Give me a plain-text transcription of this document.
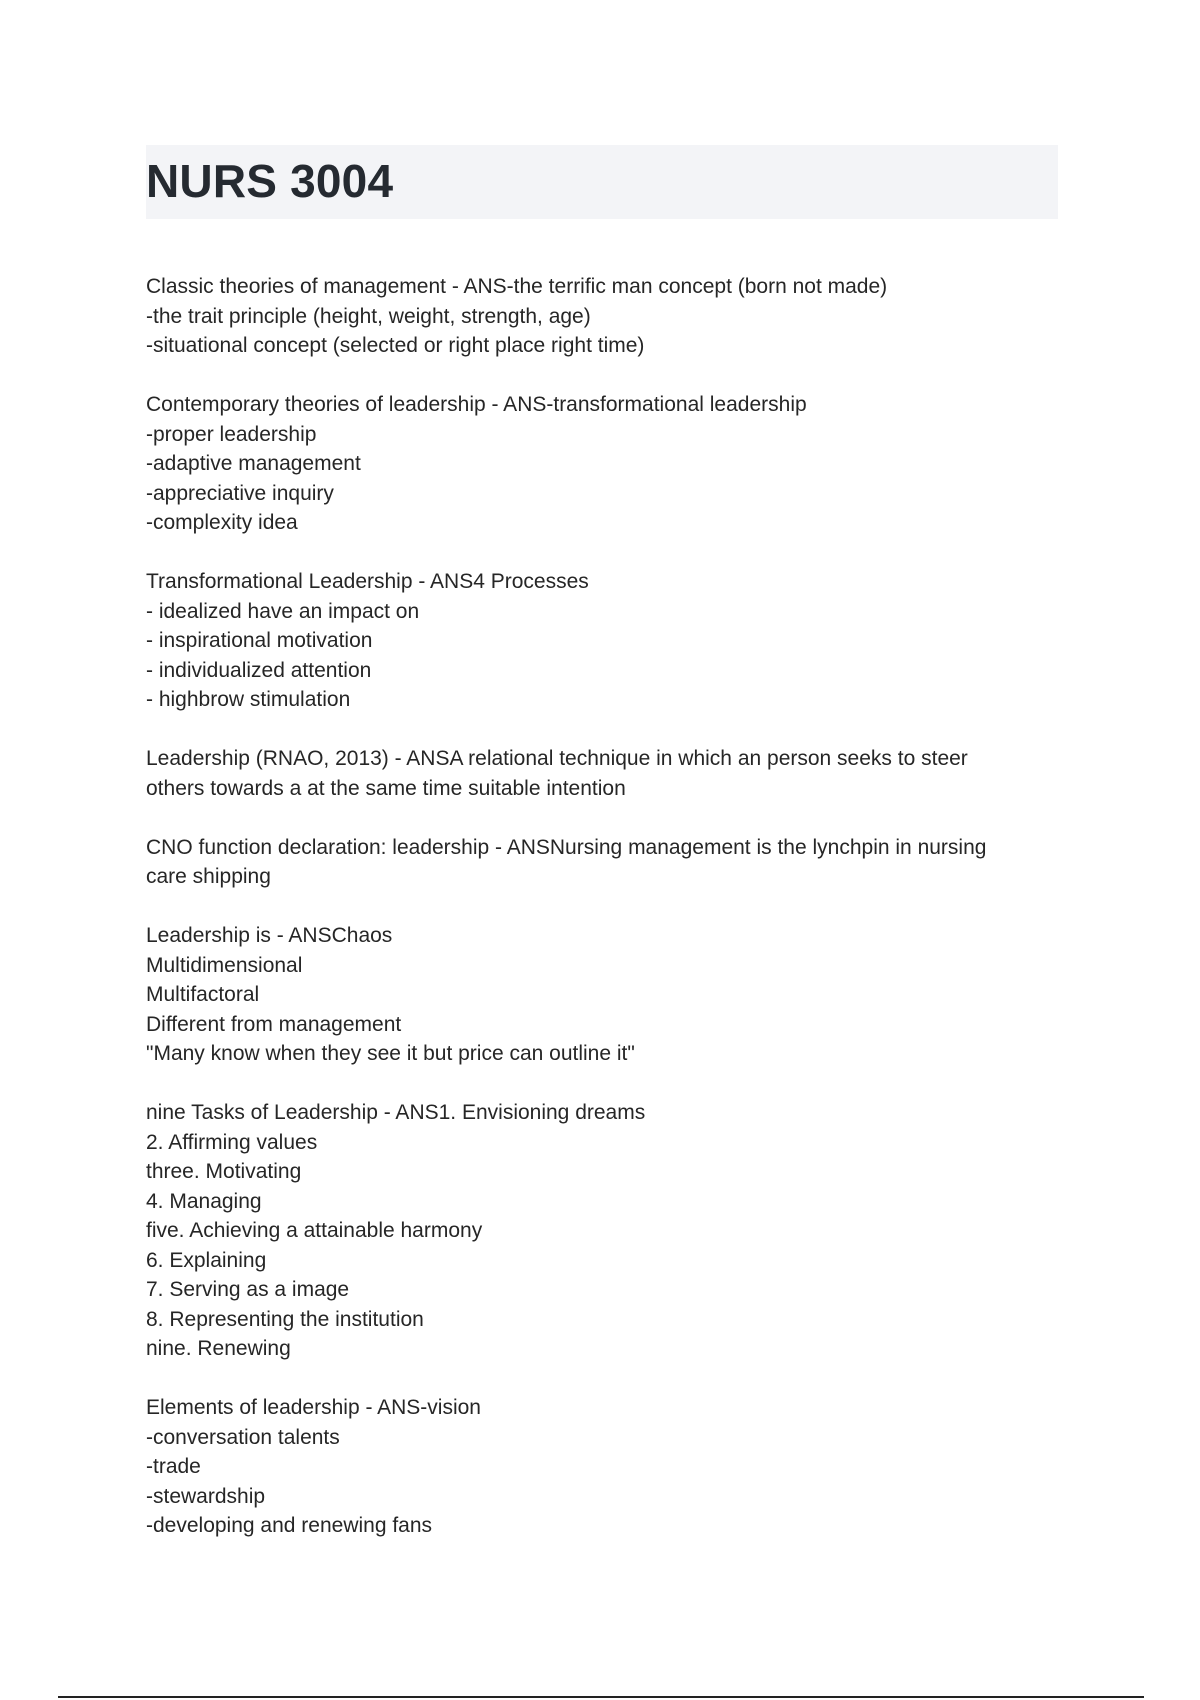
NURS 3004
Classic theories of management - ANS-the terrific man concept (born not made)
-the trait principle (height, weight, strength, age)
-situational concept (selected or right place right time)
Contemporary theories of leadership - ANS-transformational leadership
-proper leadership
-adaptive management
-appreciative inquiry
-complexity idea
Transformational Leadership - ANS4 Processes
- idealized have an impact on
- inspirational motivation
- individualized attention
- highbrow stimulation
Leadership (RNAO, 2013) - ANSA relational technique in which an person seeks to steer
others towards a at the same time suitable intention
CNO function declaration: leadership - ANSNursing management is the lynchpin in nursing
care shipping
Leadership is - ANSChaos
Multidimensional
Multifactoral
Different from management
"Many know when they see it but price can outline it"
nine Tasks of Leadership - ANS1. Envisioning dreams
2. Affirming values
three. Motivating
4. Managing
five. Achieving a attainable harmony
6. Explaining
7. Serving as a image
8. Representing the institution
nine. Renewing
Elements of leadership - ANS-vision
-conversation talents
-trade
-stewardship
-developing and renewing fans
